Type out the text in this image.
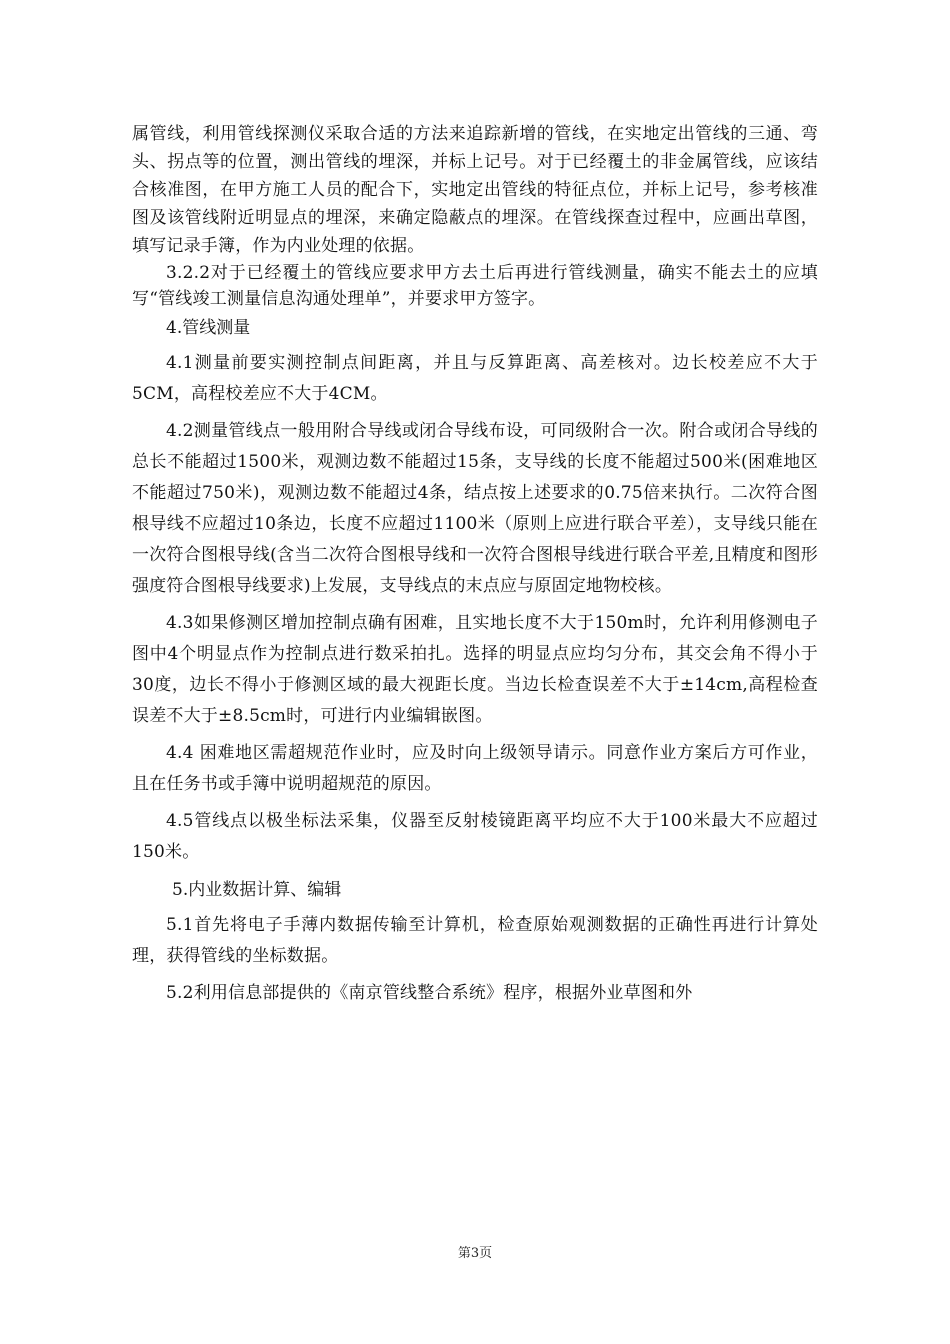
属管线，利用管线探测仪采取合适的方法来追踪新增的管线，在实地定出管线的三通、弯头、拐点等的位置，测出管线的埋深，并标上记号。对于已经覆土的非金属管线，应该结合核准图，在甲方施工人员的配合下，实地定出管线的特征点位，并标上记号，参考核准图及该管线附近明显点的埋深，来确定隐蔽点的埋深。在管线探查过程中，应画出草图，填写记录手簿，作为内业处理的依据。

3.2.2对于已经覆土的管线应要求甲方去土后再进行管线测量，确实不能去土的应填写“管线竣工测量信息沟通处理单”，并要求甲方签字。

4.管线测量

4.1测量前要实测控制点间距离，并且与反算距离、高差核对。边长校差应不大于5CM，高程校差应不大于4CM。

4.2测量管线点一般用附合导线或闭合导线布设，可同级附合一次。附合或闭合导线的总长不能超过1500米，观测边数不能超过15条，支导线的长度不能超过500米(困难地区不能超过750米)，观测边数不能超过4条，结点按上述要求的0.75倍来执行。二次符合图根导线不应超过10条边，长度不应超过1100米（原则上应进行联合平差），支导线只能在一次符合图根导线(含当二次符合图根导线和一次符合图根导线进行联合平差,且精度和图形强度符合图根导线要求)上发展，支导线点的末点应与原固定地物校核。

4.3如果修测区增加控制点确有困难，且实地长度不大于150m时，允许利用修测电子图中4个明显点作为控制点进行数采拍扎。选择的明显点应均匀分布，其交会角不得小于30度，边长不得小于修测区域的最大视距长度。当边长检查误差不大于±14cm,高程检查误差不大于±8.5cm时，可进行内业编辑嵌图。

4.4 困难地区需超规范作业时，应及时向上级领导请示。同意作业方案后方可作业，且在任务书或手簿中说明超规范的原因。

4.5管线点以极坐标法采集，仪器至反射棱镜距离平均应不大于100米最大不应超过150米。

5.内业数据计算、编辑

5.1首先将电子手薄内数据传输至计算机，检查原始观测数据的正确性再进行计算处理，获得管线的坐标数据。

5.2利用信息部提供的《南京管线整合系统》程序，根据外业草图和外

第3页
